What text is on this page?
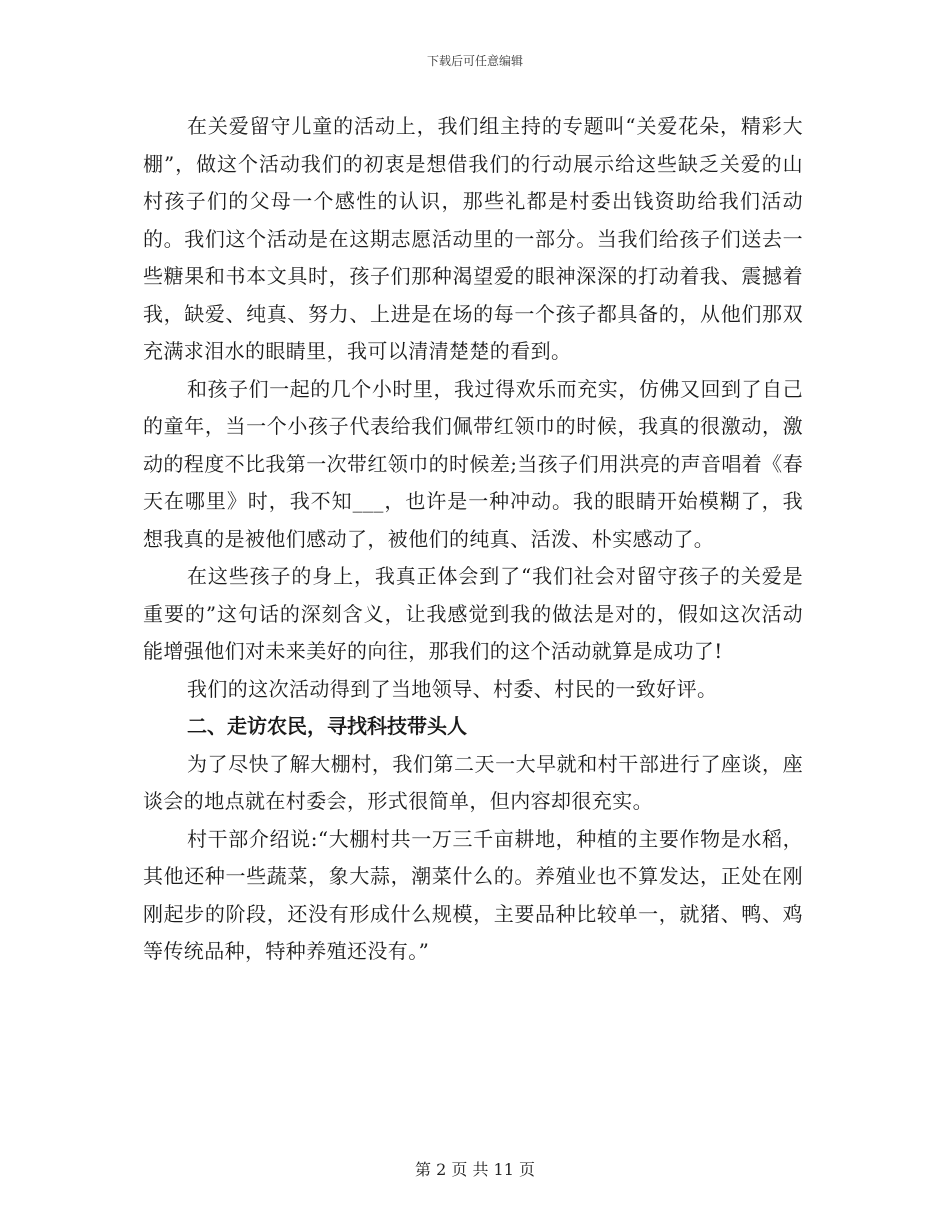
下载后可任意编辑

在关爱留守儿童的活动上，我们组主持的专题叫“关爱花朵，精彩大棚”，做这个活动我们的初衷是想借我们的行动展示给这些缺乏关爱的山村孩子们的父母一个感性的认识，那些礼都是村委出钱资助给我们活动的。我们这个活动是在这期志愿活动里的一部分。当我们给孩子们送去一些糖果和书本文具时，孩子们那种渴望爱的眼神深深的打动着我、震撼着我，缺爱、纯真、努力、上进是在场的每一个孩子都具备的，从他们那双充满求泪水的眼睛里，我可以清清楚楚的看到。

和孩子们一起的几个小时里，我过得欢乐而充实，仿佛又回到了自己的童年，当一个小孩子代表给我们佩带红领巾的时候，我真的很激动，激动的程度不比我第一次带红领巾的时候差;当孩子们用洪亮的声音唱着《春天在哪里》时，我不知___，也许是一种冲动。我的眼睛开始模糊了，我想我真的是被他们感动了，被他们的纯真、活泼、朴实感动了。

在这些孩子的身上，我真正体会到了“我们社会对留守孩子的关爱是重要的”这句话的深刻含义，让我感觉到我的做法是对的，假如这次活动能增强他们对未来美好的向往，那我们的这个活动就算是成功了!

我们的这次活动得到了当地领导、村委、村民的一致好评。

二、走访农民，寻找科技带头人

为了尽快了解大棚村，我们第二天一大早就和村干部进行了座谈，座谈会的地点就在村委会，形式很简单，但内容却很充实。

村干部介绍说:“大棚村共一万三千亩耕地，种植的主要作物是水稻，其他还种一些蔬菜，象大蒜，潮菜什么的。养殖业也不算发达，正处在刚刚起步的阶段，还没有形成什么规模，主要品种比较单一，就猪、鸭、鸡等传统品种，特种养殖还没有。”

第 2 页 共 11 页
